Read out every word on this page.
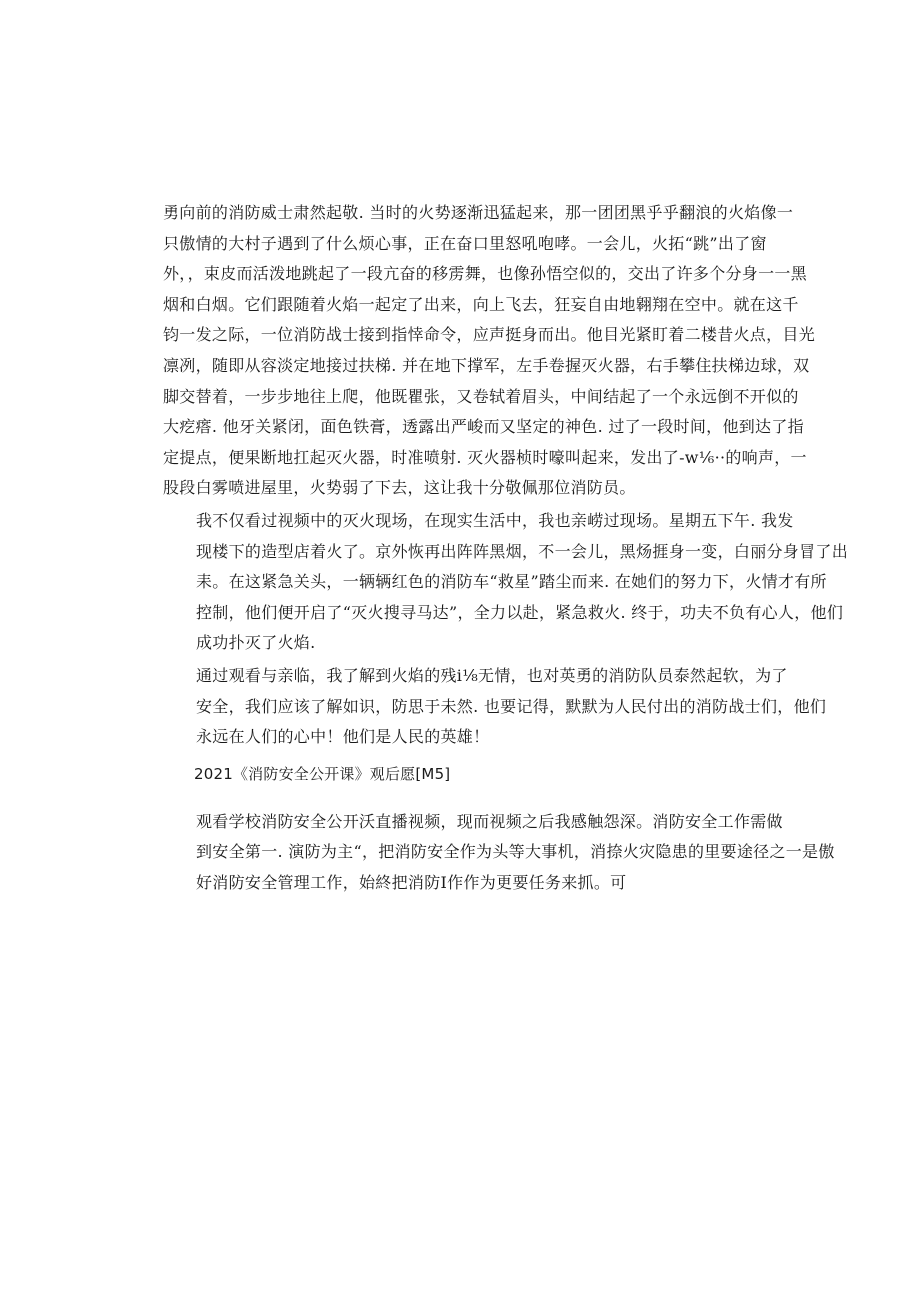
勇向前的消防威士肃然起敬. 当时的火势逐渐迅猛起来，那一团团黑乎乎翻浪的火焰像一
只傲情的大村子遇到了什么烦心事，正在奋口里怒吼咆哮。一会儿，火拓“跳”出了窗
外，，束皮而活泼地跳起了一段亢奋的移雳舞，也像孙悟空似的，交出了许多个分身一一黑
烟和白烟。它们跟随着火焰一起定了出来，向上飞去，狂妄自由地翱翔在空中。就在这千
钧一发之际，一位消防战士接到指悻命令，应声挺身而出。他目光紧盯着二楼昔火点，目光
凛冽，随即从容淡定地接过扶梯. 并在地下撑军，左手卷握灭火器，右手攀住扶梯边球，双
脚交替着，一步步地往上爬，他既瞿张，又卷轼着眉头，中间结起了一个永远倒不开似的
大疙瘩. 他牙关紧闭，面色铁膏，透露出严峻而又坚定的神色. 过了一段时间，他到达了指
定提点，便果断地扛起灭火器，时准喷射. 灭火器桢时嚎叫起来，发出了-w⅙··的响声，一
股段白雾喷进屋里，火势弱了下去，这让我十分敬佩那位消防员。

我不仅看过视频中的灭火现场，在现实生活中，我也亲崂过现场。星期五下午. 我发
现楼下的造型店着火了。京外恢再出阵阵黑烟，不一会儿，黑炀捱身一变，白丽分身冒了出
耒。在这紧急关头，一辆辆红色的消防车“救星”踏尘而来. 在她们的努力下，火情才有所
控制，他们便开启了“灭火搜寻马达”，全力以赴，紧急救火. 终于，功夫不负有心人，他们
成功扑灭了火焰.

通过观看与亲临，我了解到火焰的残i⅛无情，也对英勇的消防队员泰然起软，为了
安全，我们应该了解如识，防思于未然. 也要记得，默默为人民付出的消防战士们，他们
永远在人们的心中！他们是人民的英雄！

2021《消防安全公开课》观后愿[M5]

观看学校消防安全公开沃直播视频，现而视频之后我感触怨深。消防安全工作需做
到安全第一. 演防为主“，把消防安全作为头等大事机，消捺火灾隐患的里要途径之一是傲
好消防安全管理工作，始終把消防I作作为更要任务来抓。可
